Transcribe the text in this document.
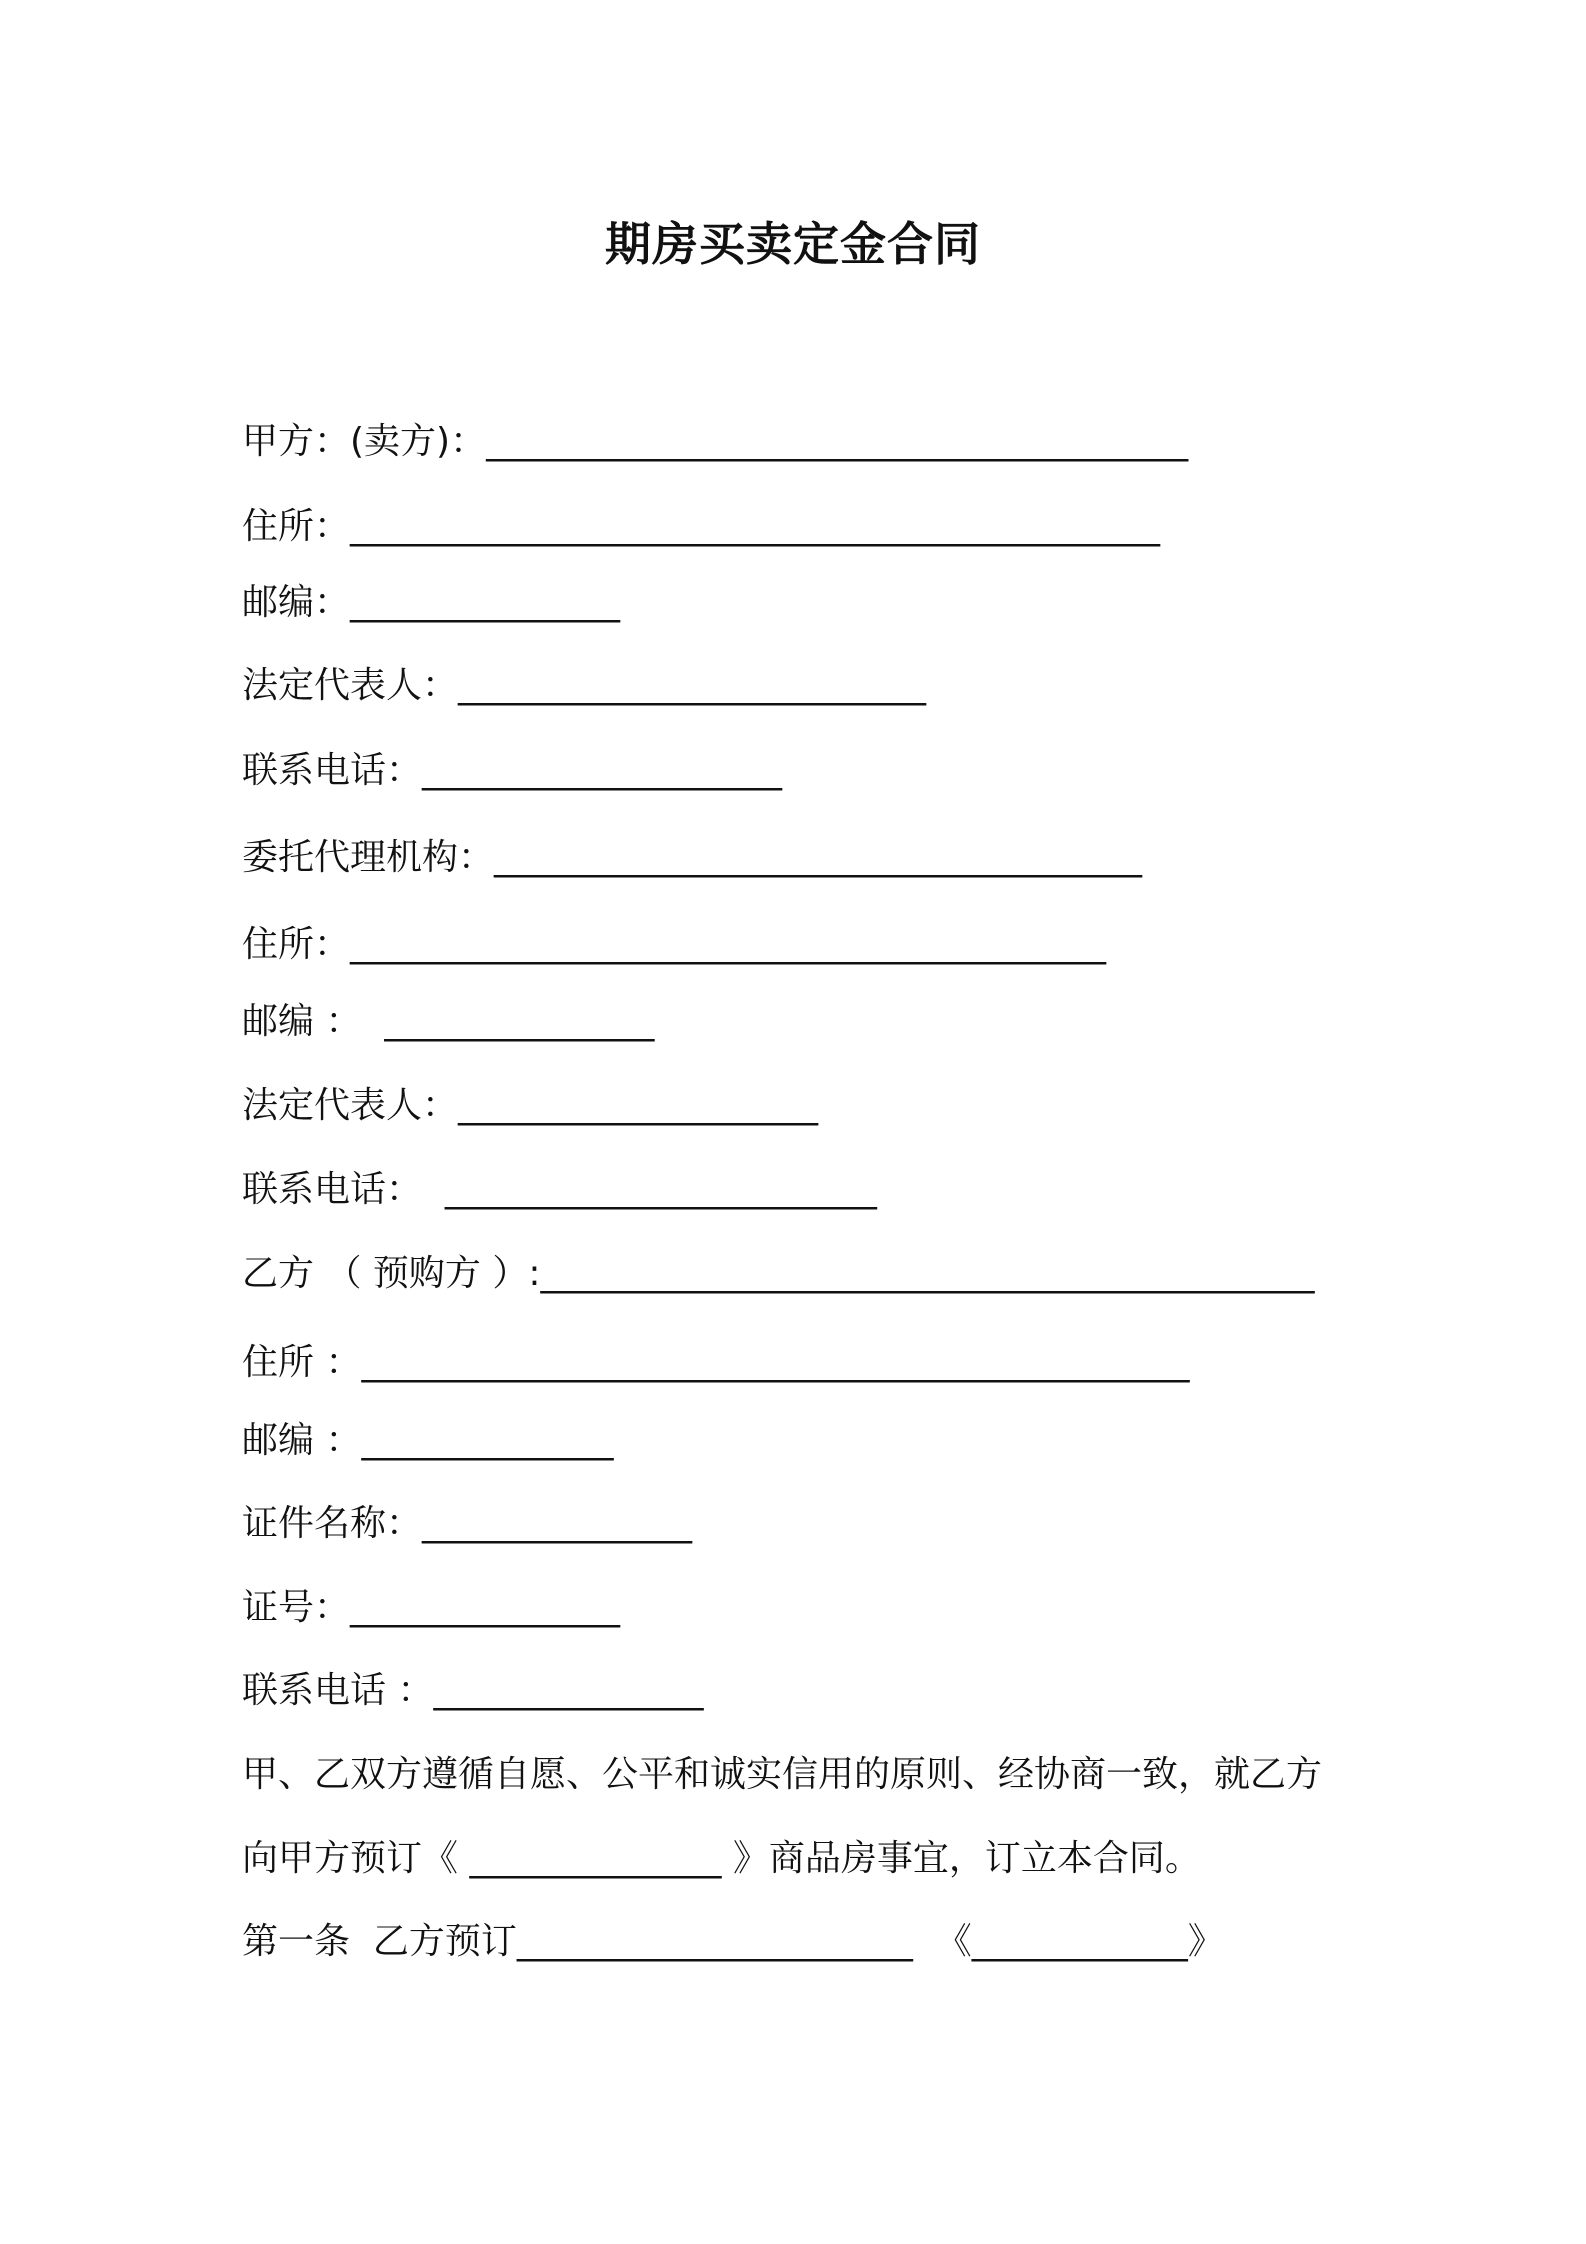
期房买卖定金合同
甲方：(卖方)：_______________________________________
住所：_____________________________________________
邮编：_______________
法定代表人：__________________________
联系电话：____________________
委托代理机构：____________________________________
住所：__________________________________________
邮编 ：  _______________
法定代表人：____________________
联系电话：  ________________________
乙方 （ 预购方 ）:___________________________________________
住所 ：______________________________________________
邮编 ：______________
证件名称：_______________
证号：_______________
联系电话 ：_______________
甲、乙双方遵循自愿、公平和诚实信用的原则、经协商一致，就乙方
向甲方预订《 ______________ 》商品房事宜，订立本合同。
第一条  乙方预订______________________  《____________》
